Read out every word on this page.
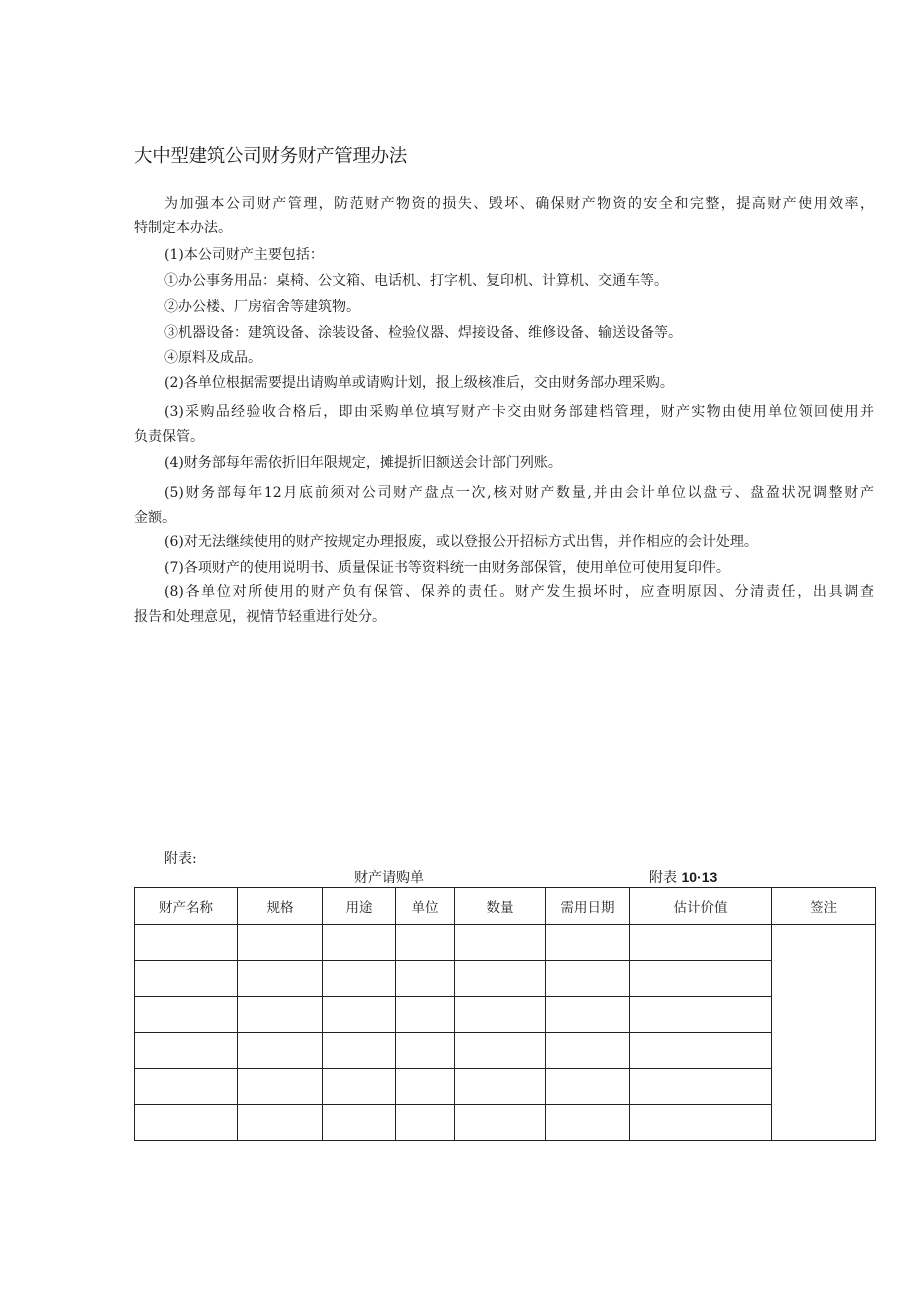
大中型建筑公司财务财产管理办法
为加强本公司财产管理，防范财产物资的损失、毁坏、确保财产物资的安全和完整，提高财产使用效率，
特制定本办法。
(1)本公司财产主要包括：
①办公事务用品：桌椅、公文箱、电话机、打字机、复印机、计算机、交通车等。
②办公楼、厂房宿舍等建筑物。
③机器设备：建筑设备、涂装设备、检验仪器、焊接设备、维修设备、输送设备等。
④原料及成品。
(2)各单位根据需要提出请购单或请购计划，报上级核准后，交由财务部办理采购。
(3)采购品经验收合格后，即由采购单位填写财产卡交由财务部建档管理，财产实物由使用单位领回使用并
负责保管。
(4)财务部每年需依折旧年限规定，摊提折旧额送会计部门列账。
(5)财务部每年12月底前须对公司财产盘点一次,核对财产数量,并由会计单位以盘亏、盘盈状况调整财产
金额。
(6)对无法继续使用的财产按规定办理报废，或以登报公开招标方式出售，并作相应的会计处理。
(7)各项财产的使用说明书、质量保证书等资料统一由财务部保管，使用单位可使用复印件。
(8)各单位对所使用的财产负有保管、保养的责任。财产发生损坏时，应查明原因、分清责任，出具调查
报告和处理意见，视情节轻重进行处分。
附表:
财产请购单	附表 10·13
财产名称	规格	用途	单位	数量	需用日期	估计价值	签注
